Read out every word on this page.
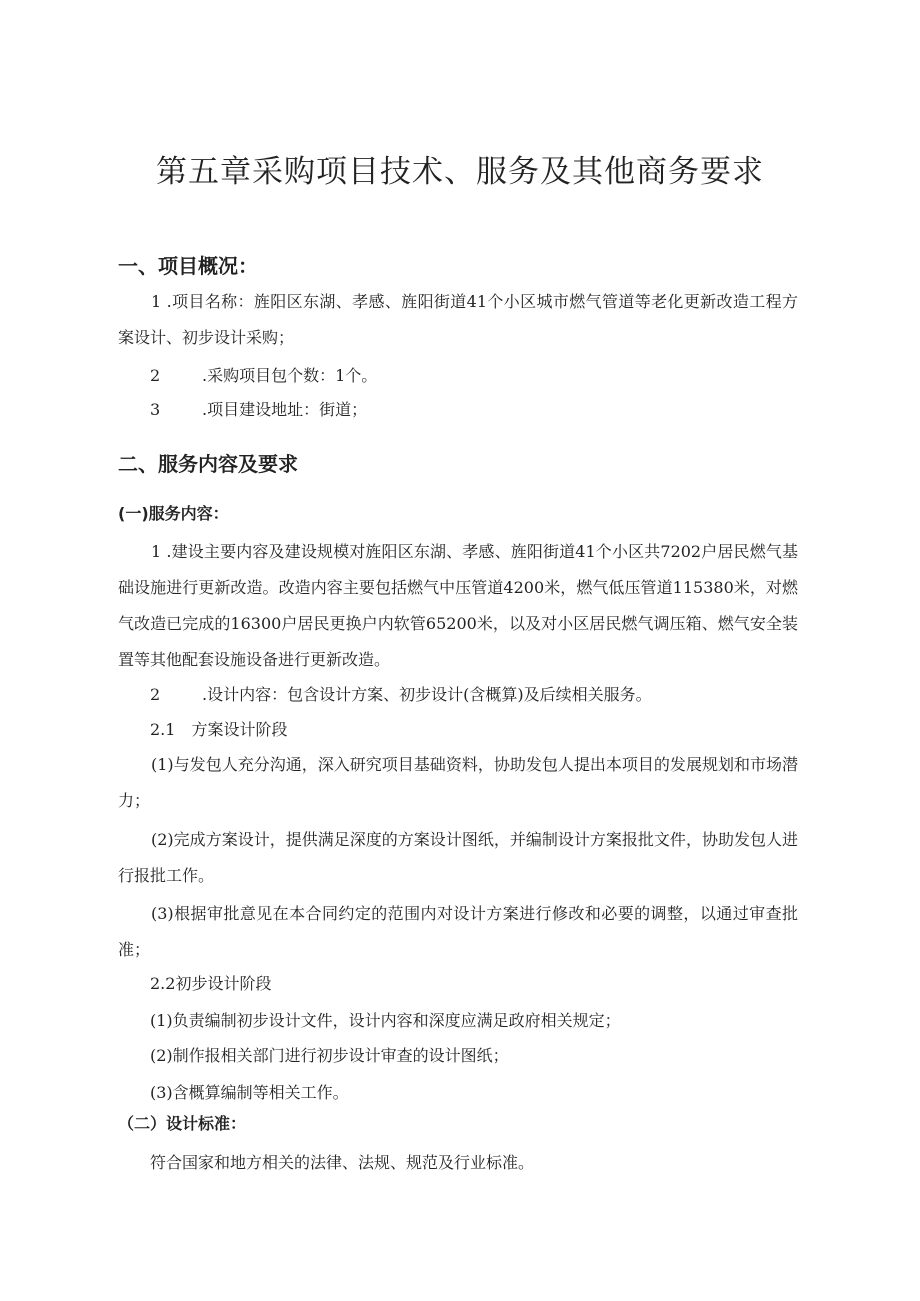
第五章采购项目技术、服务及其他商务要求
一、项目概况：
1 .项目名称：旌阳区东湖、孝感、旌阳街道41个小区城市燃气管道等老化更新改造工程方案设计、初步设计采购；
2	.采购项目包个数：1个。
3	.项目建设地址：街道；
二、服务内容及要求
(一)服务内容：
1 .建设主要内容及建设规模对旌阳区东湖、孝感、旌阳街道41个小区共7202户居民燃气基础设施进行更新改造。改造内容主要包括燃气中压管道4200米，燃气低压管道115380米，对燃气改造已完成的16300户居民更换户内软管65200米，以及对小区居民燃气调压箱、燃气安全装置等其他配套设施设备进行更新改造。
2	.设计内容：包含设计方案、初步设计(含概算)及后续相关服务。
2.1　方案设计阶段
(1)与发包人充分沟通，深入研究项目基础资料，协助发包人提出本项目的发展规划和市场潜力；
(2)完成方案设计，提供满足深度的方案设计图纸，并编制设计方案报批文件，协助发包人进行报批工作。
(3)根据审批意见在本合同约定的范围内对设计方案进行修改和必要的调整，以通过审查批准；
2.2初步设计阶段
(1)负责编制初步设计文件，设计内容和深度应满足政府相关规定；
(2)制作报相关部门进行初步设计审查的设计图纸；
(3)含概算编制等相关工作。
（二）设计标准：
符合国家和地方相关的法律、法规、规范及行业标准。
